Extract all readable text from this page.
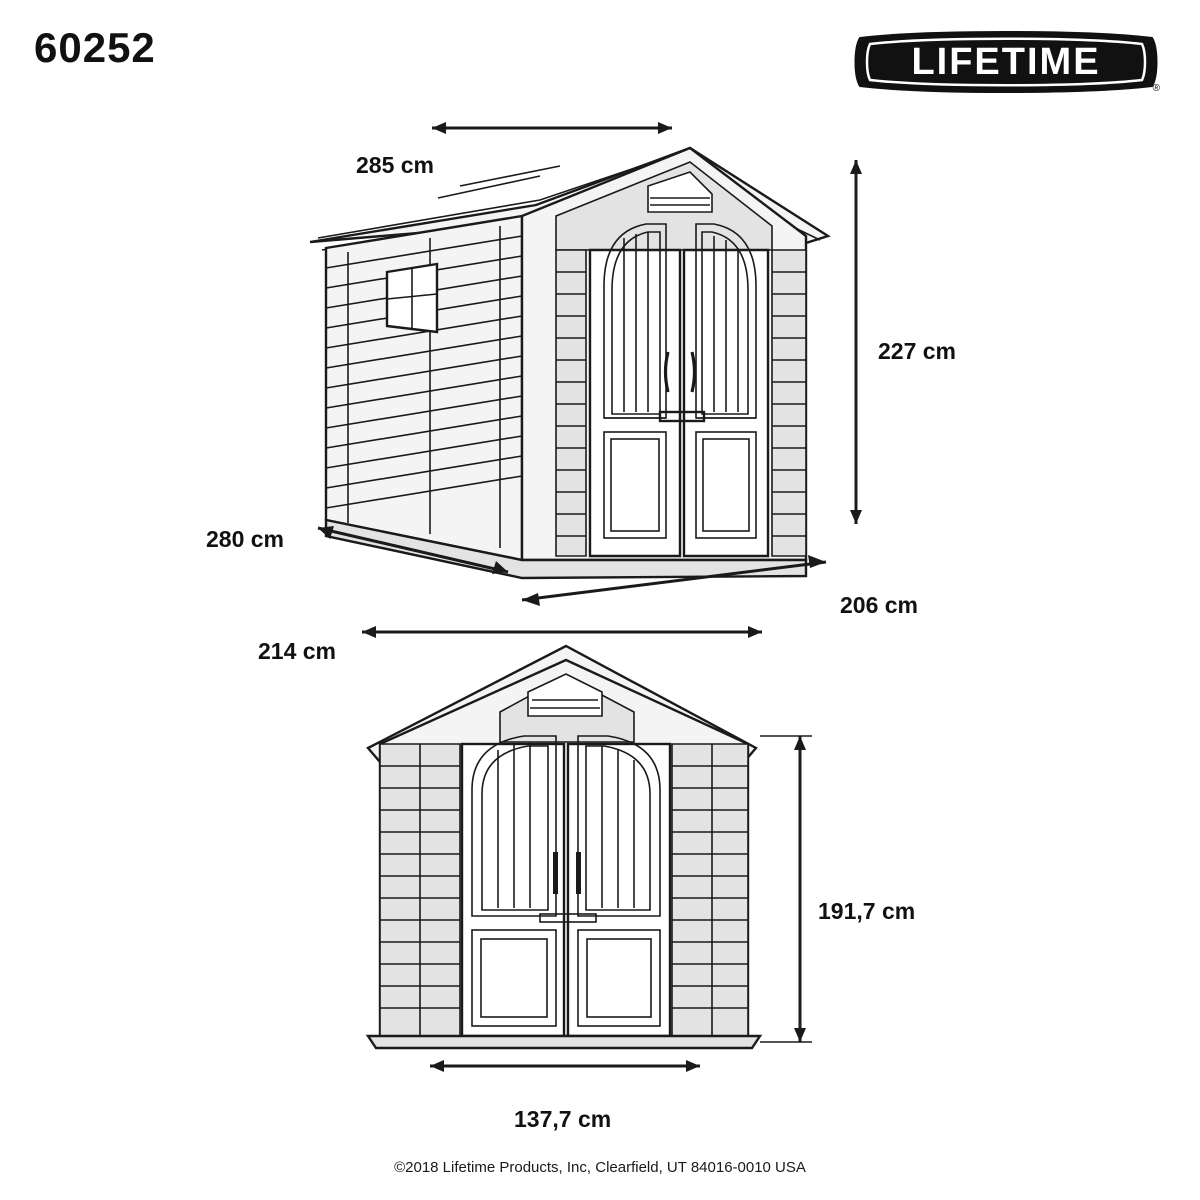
60252	LIFETIME
®
285 cm
227 cm
280 cm
206 cm
214 cm
191,7 cm
137,7 cm
©2018 Lifetime Products, Inc, Clearfield, UT 84016-0010 USA
